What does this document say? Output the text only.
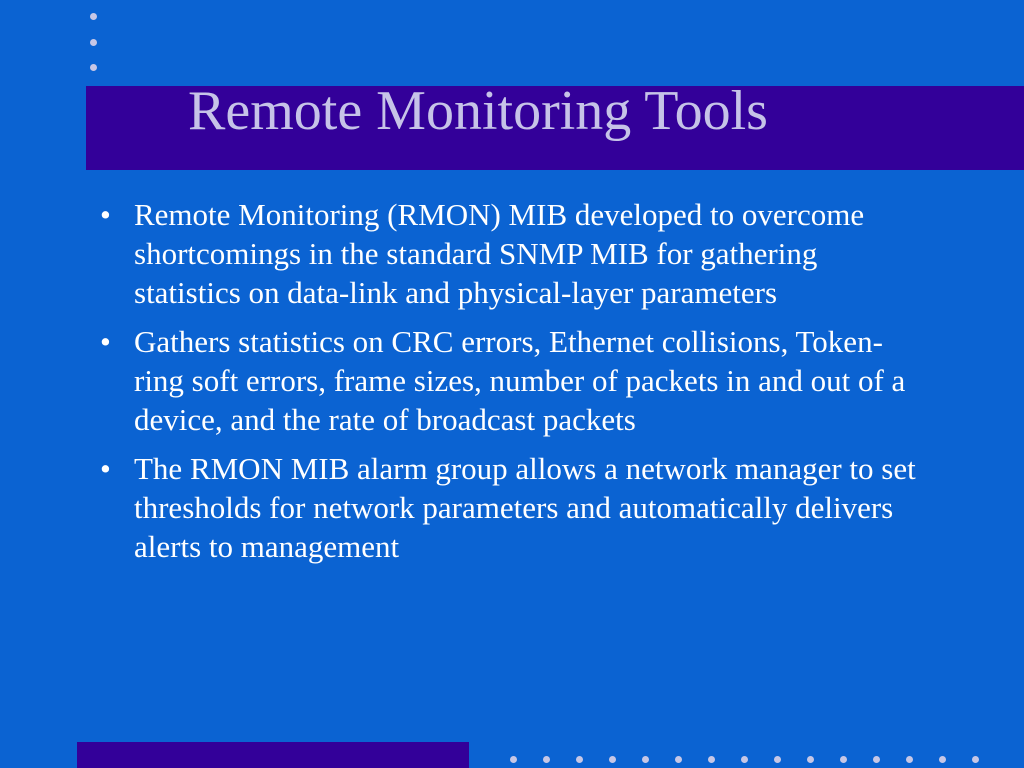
Remote Monitoring Tools
• Remote Monitoring (RMON) MIB developed to overcome shortcomings in the standard SNMP MIB for gathering statistics on data-link and physical-layer parameters
• Gathers statistics on CRC errors, Ethernet collisions, Token-ring soft errors, frame sizes, number of packets in and out of a device, and the rate of broadcast packets
• The RMON MIB alarm group allows a network manager to set thresholds for network parameters and automatically delivers alerts to management
